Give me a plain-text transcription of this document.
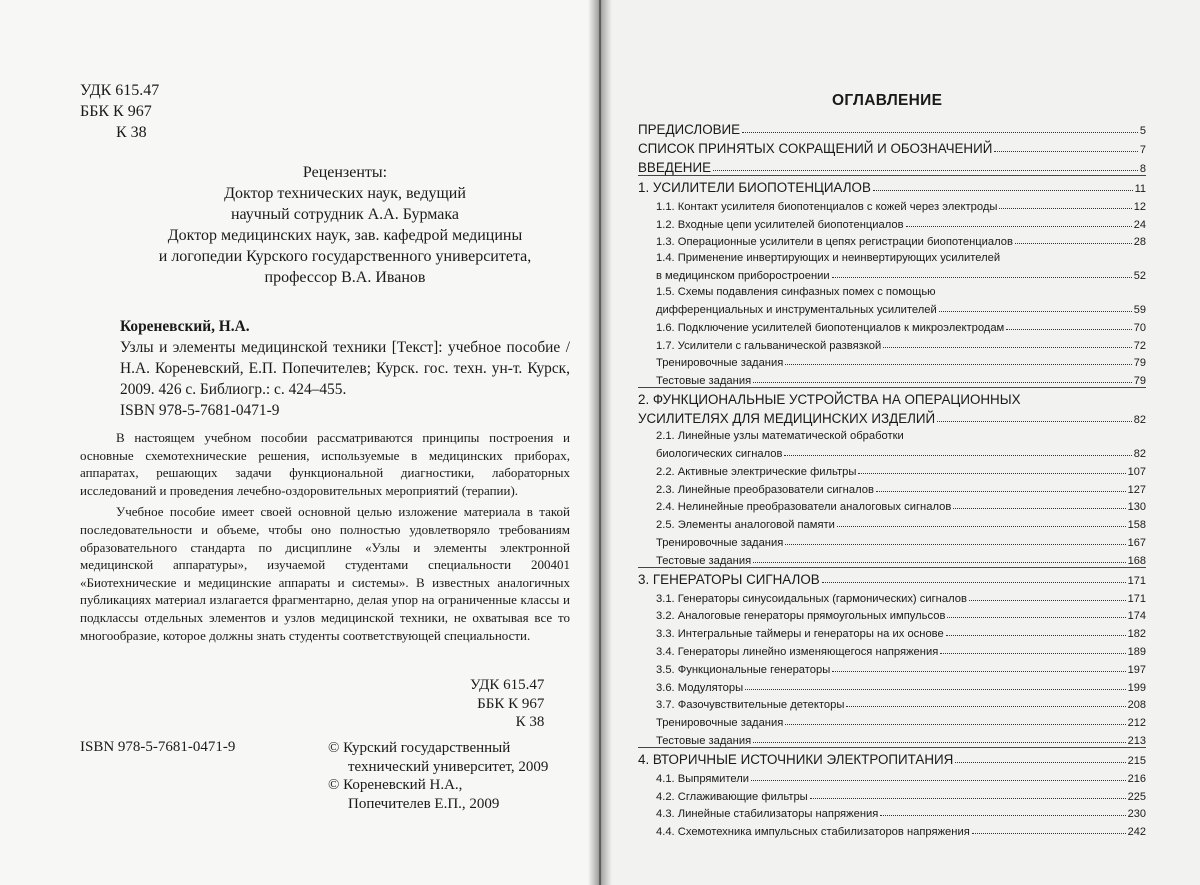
УДК 615.47
ББК К 967
К 38
Рецензенты:
Доктор технических наук, ведущий
научный сотрудник А.А. Бурмака
Доктор медицинских наук, зав. кафедрой медицины
и логопедии Курского государственного университета,
профессор В.А. Иванов
Кореневский, Н.А.
Узлы и элементы медицинской техники [Текст]: учебное пособие / Н.А. Кореневский, Е.П. Попечителев; Курск. гос. техн. ун-т. Курск, 2009. 426 с. Библиогр.: с. 424–455.
ISBN 978-5-7681-0471-9

В настоящем учебном пособии рассматриваются принципы построения и основные схемотехнические решения, используемые в медицинских приборах, аппаратах, решающих задачи функциональной диагностики, лабораторных исследований и проведения лечебно-оздоровительных мероприятий (терапии).

Учебное пособие имеет своей основной целью изложение материала в такой последовательности и объеме, чтобы оно полностью удовлетворяло требованиям образовательного стандарта по дисциплине «Узлы и элементы электронной медицинской аппаратуры», изучаемой студентами специальности 200401 «Биотехнические и медицинские аппараты и системы». В известных аналогичных публикациях материал излагается фрагментарно, делая упор на ограниченные классы и подклассы отдельных элементов и узлов медицинской техники, не охватывая все то многообразие, которое должны знать студенты соответствующей специальности.

УДК 615.47
ББК К 967
К 38
ISBN 978-5-7681-0471-9	© Курский государственный
технический университет, 2009
© Кореневский Н.А.,
Попечителев Е.П., 2009
ОГЛАВЛЕНИЕ
ПРЕДИСЛОВИЕ	5
СПИСОК ПРИНЯТЫХ СОКРАЩЕНИЙ И ОБОЗНАЧЕНИЙ	7
ВВЕДЕНИЕ	8
1. УСИЛИТЕЛИ БИОПОТЕНЦИАЛОВ	11
1.1. Контакт усилителя биопотенциалов с кожей через электроды	12
1.2. Входные цепи усилителей биопотенциалов	24
1.3. Операционные усилители в цепях регистрации биопотенциалов	28
1.4. Применение инвертирующих и неинвертирующих усилителей
в медицинском приборостроении	52
1.5. Схемы подавления синфазных помех с помощью
дифференциальных и инструментальных усилителей	59
1.6. Подключение усилителей биопотенциалов к микроэлектродам	70
1.7. Усилители с гальванической развязкой	72
Тренировочные задания	79
Тестовые задания	79
2. ФУНКЦИОНАЛЬНЫЕ УСТРОЙСТВА НА ОПЕРАЦИОННЫХ
УСИЛИТЕЛЯХ ДЛЯ МЕДИЦИНСКИХ ИЗДЕЛИЙ	82
2.1. Линейные узлы математической обработки
биологических сигналов	82
2.2. Активные электрические фильтры	107
2.3. Линейные преобразователи сигналов	127
2.4. Нелинейные преобразователи аналоговых сигналов	130
2.5. Элементы аналоговой памяти	158
Тренировочные задания	167
Тестовые задания	168
3. ГЕНЕРАТОРЫ СИГНАЛОВ	171
3.1. Генераторы синусоидальных (гармонических) сигналов	171
3.2. Аналоговые генераторы прямоугольных импульсов	174
3.3. Интегральные таймеры и генераторы на их основе	182
3.4. Генераторы линейно изменяющегося напряжения	189
3.5. Функциональные генераторы	197
3.6. Модуляторы	199
3.7. Фазочувствительные детекторы	208
Тренировочные задания	212
Тестовые задания	213
4. ВТОРИЧНЫЕ ИСТОЧНИКИ ЭЛЕКТРОПИТАНИЯ	215
4.1. Выпрямители	216
4.2. Сглаживающие фильтры	225
4.3. Линейные стабилизаторы напряжения	230
4.4. Схемотехника импульсных стабилизаторов напряжения	242
